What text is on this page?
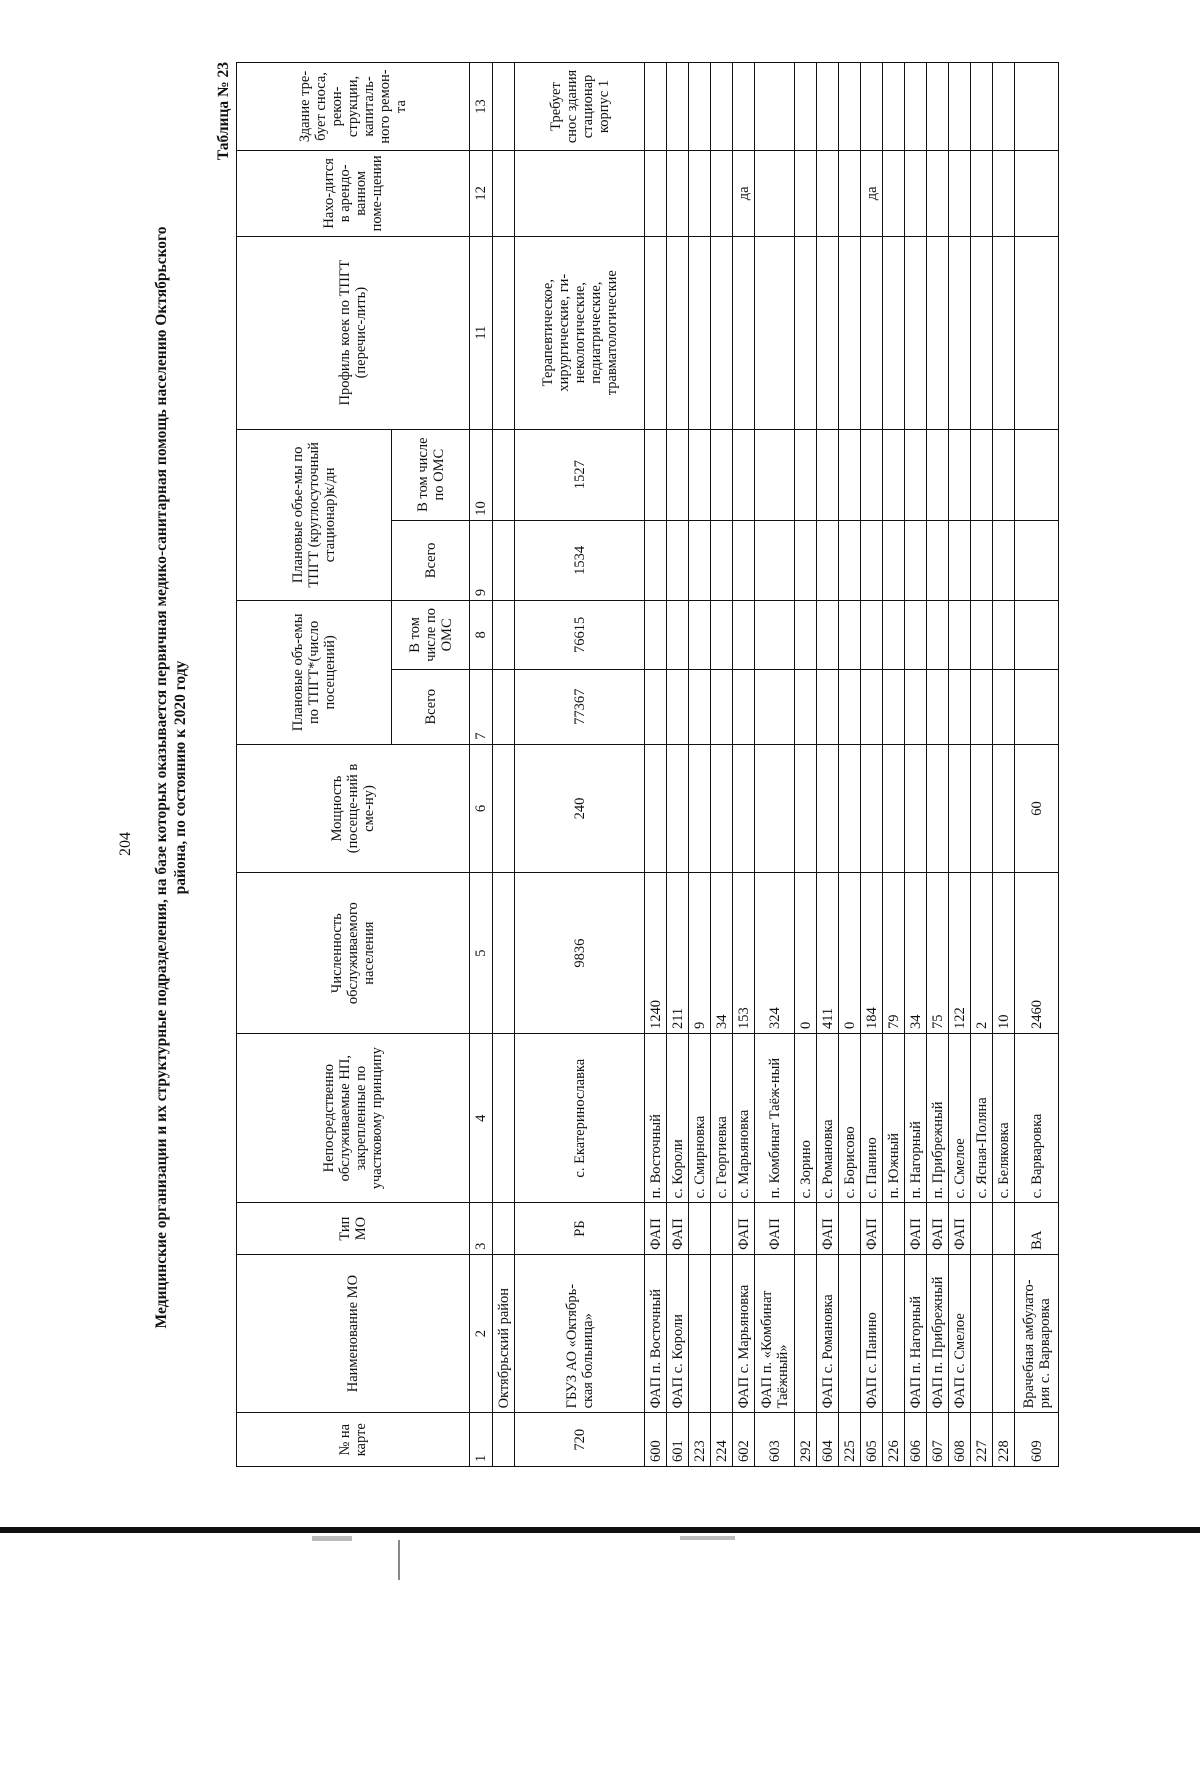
204 Медицинские организации и их структурные подразделения, на базе которых оказывается первичная медико-санитарная помощь населению Октябрьского района, по состоянию к 2020 году
Таблица № 23
№ на карте	Наименование МО	Тип МО	Непосредственно обслуживаемые НП, закрепленные по участковому принципу	Численность обслуживаемого населения	Мощность (посеще-ний в сме-ну)	Плановые объ-емы по ТПГТ*(число посещений)		Плановые объе-мы по ТПГТ (круглосуточный стационар)к/дн		Профиль коек по ТПГТ (перечис-лить)	Нахо-дится в арендо-ванном поме-щении	Здание тре-бует сноса, рекон-струкции, капиталь-ного ремон-та
						Всего	В том числе по ОМС	Всего	В том числе по ОМС			
1	2	3	4	5	6	7	8	9	10	11	12	13
	Октябрьский район											
720	ГБУЗ АО «Октябрь-ская больница»	РБ	с. Екатеринославка	9836	240	77367	76615	1534	1527	Терапевтическое, хирургические, ги-некологические, педиатрические, травматологические		Требует снос здания стационар корпус 1
600	ФАП п. Восточный	ФАП	п. Восточный	1240								
601	ФАП с. Короли	ФАП	с. Короли	211								
223			с. Смирновка	9								
224			с. Георгиевка	34								
602	ФАП с. Марьяновка	ФАП	с. Марьяновка	153							да	
603	ФАП п. «Комбинат Таёжный»	ФАП	п. Комбинат Таёж-ный	324								
292			с. Зорино	0								
604	ФАП с. Романовка	ФАП	с. Романовка	411								
225			с. Борисово	0								
605	ФАП с. Панино	ФАП	с. Панино	184							да	
226			п. Южный	79								
606	ФАП п. Нагорный	ФАП	п. Нагорный	34								
607	ФАП п. Прибрежный	ФАП	п. Прибрежный	75								
608	ФАП с. Смелое	ФАП	с. Смелое	122								
227			с. Ясная-Поляна	2								
228			с. Беляковка	10								
609	Врачебная амбулато-рия с. Варваровка	ВА	с. Варваровка	2460	60							
